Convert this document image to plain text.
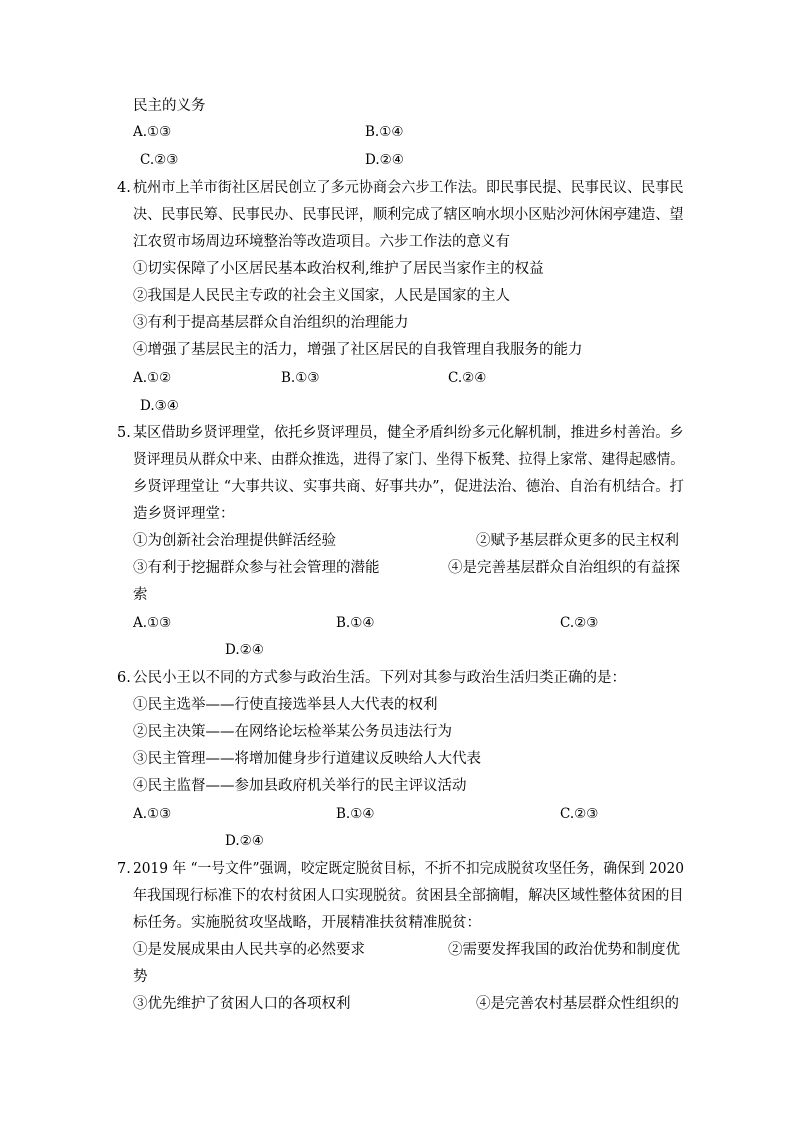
民主的义务
A.①③	B.①④
C.②③	D.②④
4. 杭州市上羊市街社区居民创立了多元协商会六步工作法。即民事民提、民事民议、民事民
决、民事民筹、民事民办、民事民评，顺利完成了辖区响水坝小区贴沙河休闲亭建造、望
江农贸市场周边环境整治等改造项目。六步工作法的意义有
①切实保障了小区居民基本政治权利,维护了居民当家作主的权益
②我国是人民民主专政的社会主义国家，人民是国家的主人
③有利于提高基层群众自治组织的治理能力
④增强了基层民主的活力，增强了社区居民的自我管理自我服务的能力
A.①②	B.①③	C.②④
D.③④
5. 某区借助乡贤评理堂，依托乡贤评理员，健全矛盾纠纷多元化解机制，推进乡村善治。乡
贤评理员从群众中来、由群众推选，进得了家门、坐得下板凳、拉得上家常、建得起感情。
乡贤评理堂让 “大事共议、实事共商、好事共办”，促进法治、德治、自治有机结合。打
造乡贤评理堂：
①为创新社会治理提供鲜活经验	②赋予基层群众更多的民主权利
③有利于挖掘群众参与社会管理的潜能	④是完善基层群众自治组织的有益探
索
A.①③	B.①④	C.②③
D.②④
6. 公民小王以不同的方式参与政治生活。下列对其参与政治生活归类正确的是：
①民主选举——行使直接选举县人大代表的权利
②民主决策——在网络论坛检举某公务员违法行为
③民主管理——将增加健身步行道建议反映给人大代表
④民主监督——参加县政府机关举行的民主评议活动
A.①③	B.①④	C.②③
D.②④
7. 2019 年 “一号文件”强调，咬定既定脱贫目标，不折不扣完成脱贫攻坚任务，确保到 2020
年我国现行标准下的农村贫困人口实现脱贫。贫困县全部摘帽，解决区域性整体贫困的目
标任务。实施脱贫攻坚战略，开展精准扶贫精准脱贫：
①是发展成果由人民共享的必然要求	②需要发挥我国的政治优势和制度优
势
③优先维护了贫困人口的各项权利	④是完善农村基层群众性组织的
